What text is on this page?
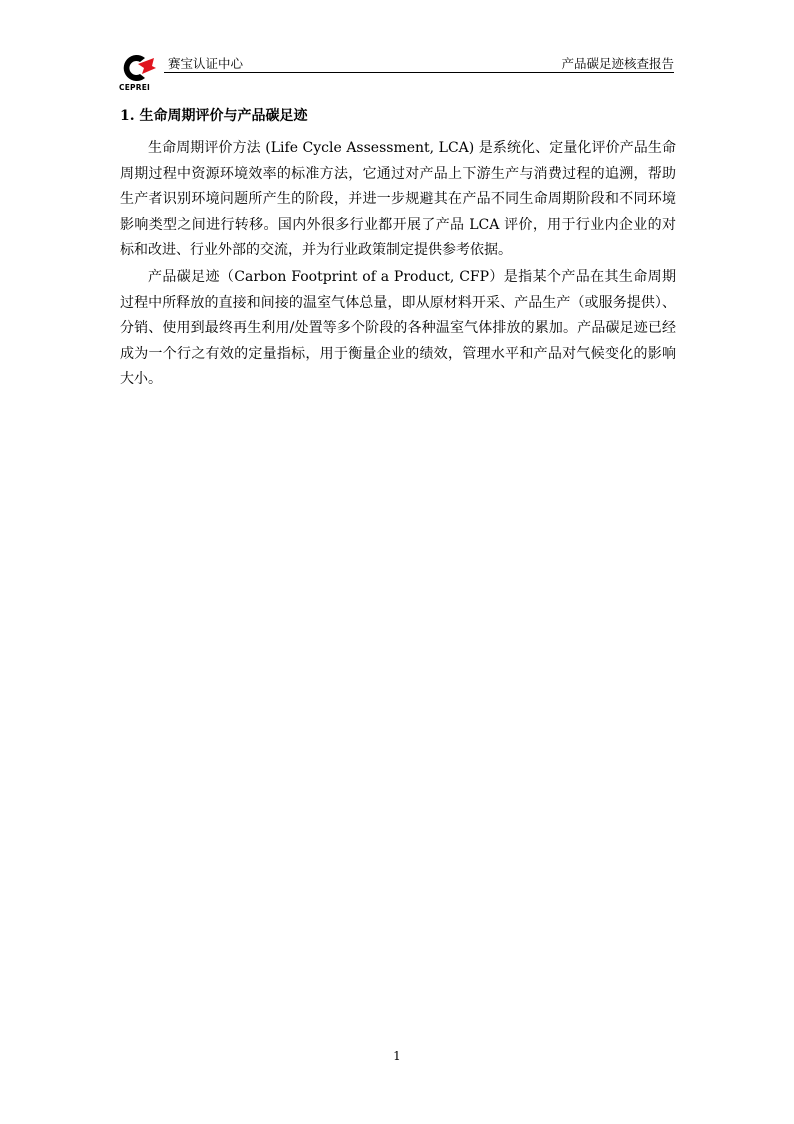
CEPREI
赛宝认证中心	产品碳足迹核查报告
1. 生命周期评价与产品碳足迹

生命周期评价方法 (Life Cycle Assessment, LCA) 是系统化、定量化评价产品生命周期过程中资源环境效率的标准方法，它通过对产品上下游生产与消费过程的追溯，帮助生产者识别环境问题所产生的阶段，并进一步规避其在产品不同生命周期阶段和不同环境影响类型之间进行转移。国内外很多行业都开展了产品 LCA 评价，用于行业内企业的对标和改进、行业外部的交流，并为行业政策制定提供参考依据。

产品碳足迹（Carbon Footprint of a Product, CFP）是指某个产品在其生命周期过程中所释放的直接和间接的温室气体总量，即从原材料开采、产品生产（或服务提供）、分销、使用到最终再生利用/处置等多个阶段的各种温室气体排放的累加。产品碳足迹已经成为一个行之有效的定量指标，用于衡量企业的绩效，管理水平和产品对气候变化的影响大小。

1
